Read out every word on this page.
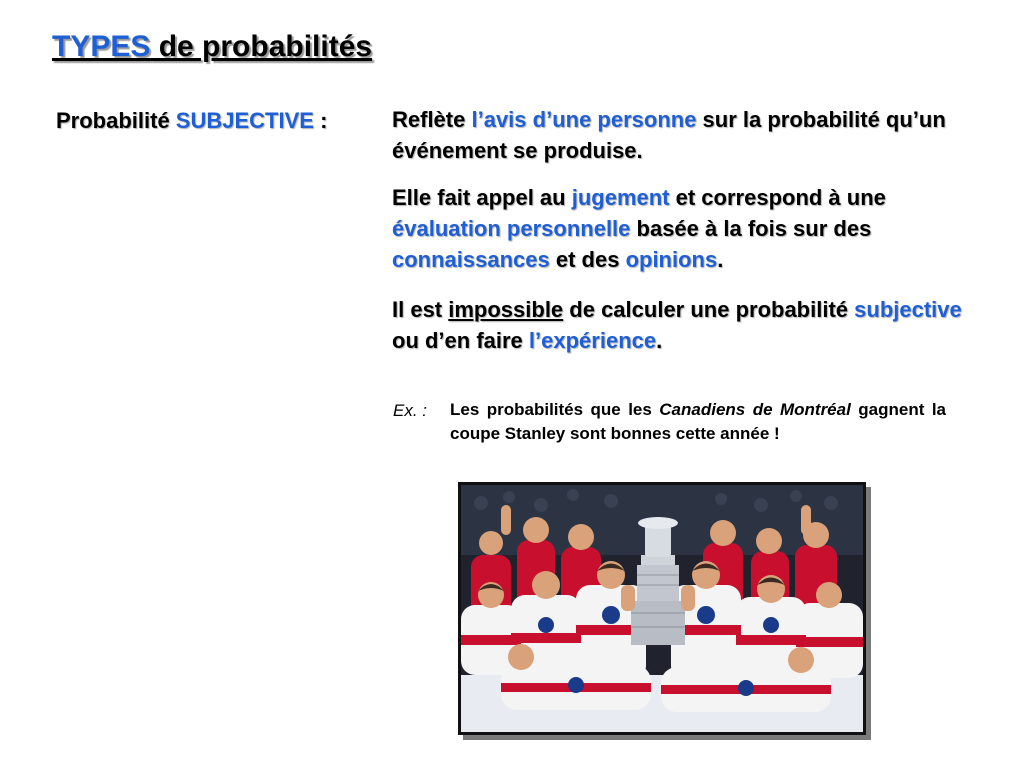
TYPES de probabilités
Probabilité SUBJECTIVE :	Reflète l’avis d’une personne sur la probabilité qu’un événement se produise.
Elle fait appel au jugement et correspond à une évaluation personnelle basée à la fois sur des connaissances et des opinions.
Il est impossible de calculer une probabilité subjective ou d’en faire l’expérience.
Ex. : Les probabilités que les Canadiens de Montréal gagnent la coupe Stanley sont bonnes cette année !
